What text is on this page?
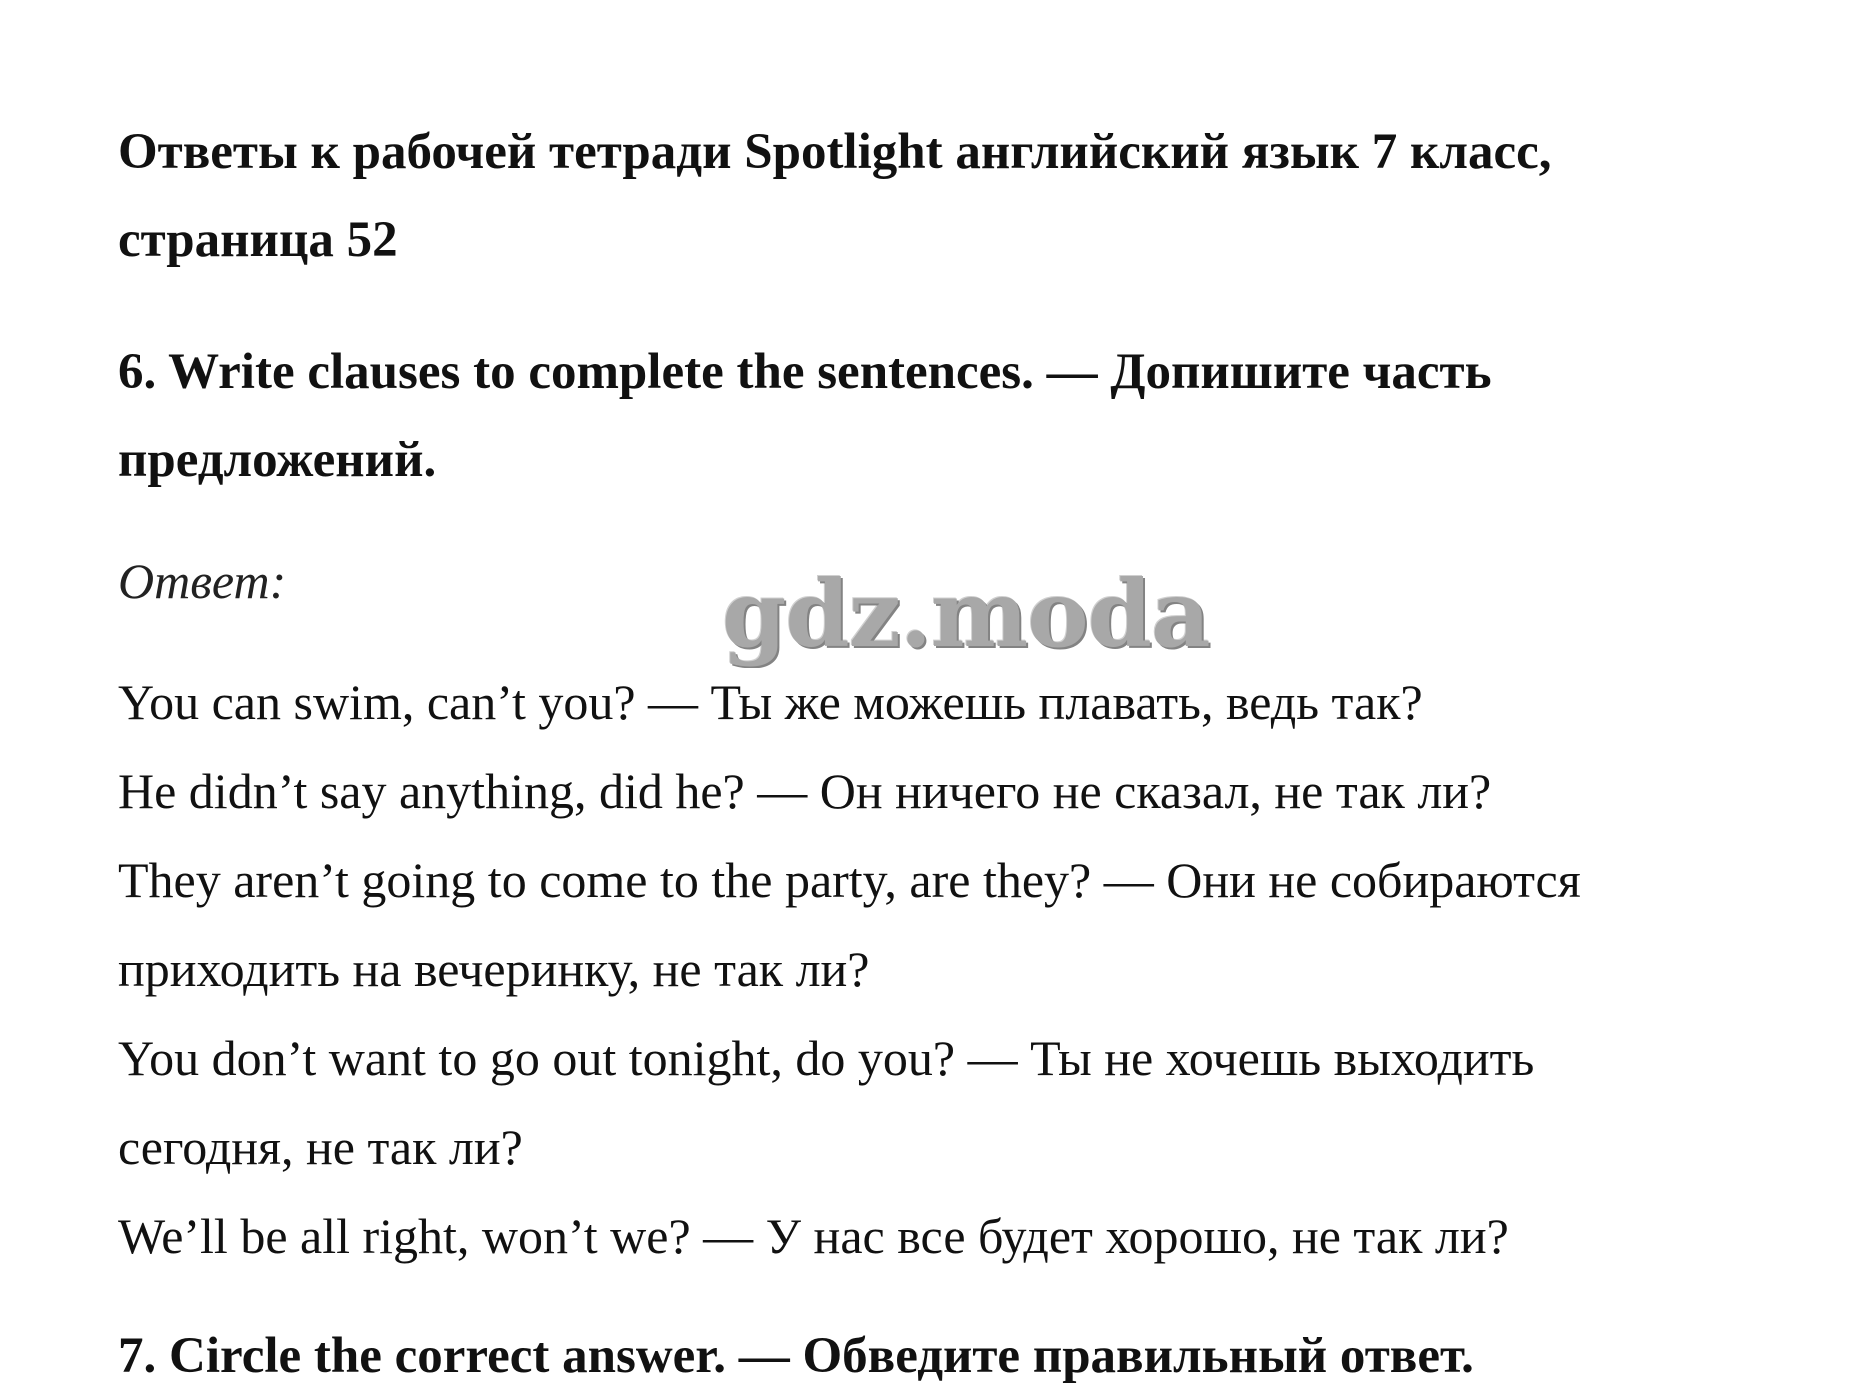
Ответы к рабочей тетради Spotlight английский язык 7 класс,
страница 52
6. Write clauses to complete the sentences. — Допишите часть
предложений.
Ответ:
You can swim, can’t you? — Ты же можешь плавать, ведь так?
He didn’t say anything, did he? — Он ничего не сказал, не так ли?
They aren’t going to come to the party, are they? — Они не собираются
приходить на вечеринку, не так ли?
You don’t want to go out tonight, do you? — Ты не хочешь выходить
сегодня, не так ли?
We’ll be all right, won’t we? — У нас все будет хорошо, не так ли?
7. Circle the correct answer. — Обведите правильный ответ.
gdz.moda
